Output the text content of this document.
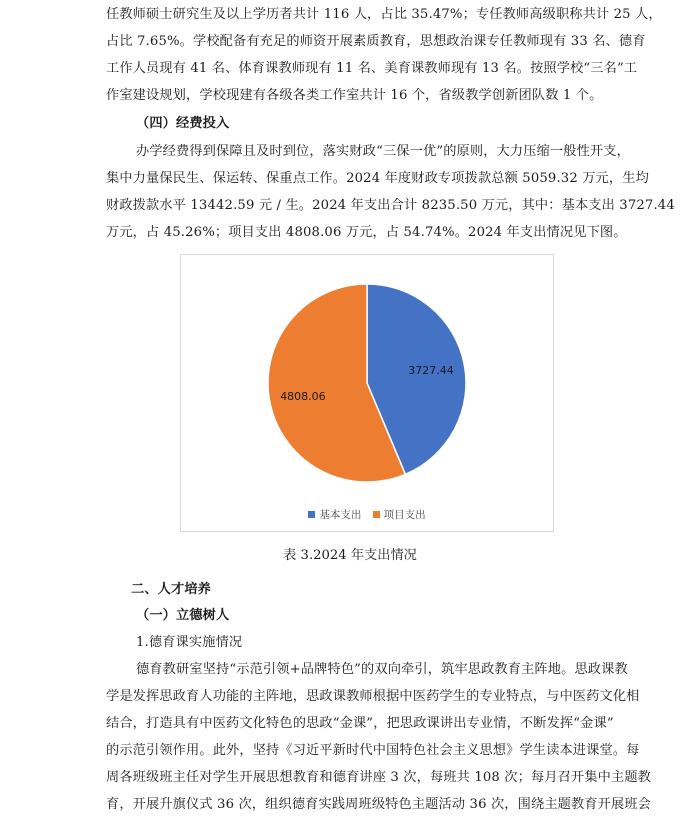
任教师硕士研究生及以上学历者共计 116 人，占比 35.47%；专任教师高级职称共计 25 人，
占比 7.65%。学校配备有充足的师资开展素质教育，思想政治课专任教师现有 33 名、德育
工作人员现有 41 名、体育课教师现有 11 名、美育课教师现有 13 名。按照学校“三名”工
作室建设规划，学校现建有各级各类工作室共计 16 个，省级教学创新团队数 1 个。
（四）经费投入
办学经费得到保障且及时到位，落实财政“三保一优”的原则，大力压缩一般性开支，
集中力量保民生、保运转、保重点工作。2024 年度财政专项拨款总额 5059.32 万元，生均
财政拨款水平 13442.59 元 / 生。2024 年支出合计 8235.50 万元，其中：基本支出 3727.44
万元，占 45.26%；项目支出 4808.06 万元，占 54.74%。2024 年支出情况见下图。
3727.44
4808.06
基本支出
项目支出
表 3.2024 年支出情况
二、人才培养
（一）立德树人
1.德育课实施情况
德育教研室坚持“示范引领+品牌特色”的双向牵引，筑牢思政教育主阵地。思政课教
学是发挥思政育人功能的主阵地，思政课教师根据中医药学生的专业特点，与中医药文化相
结合，打造具有中医药文化特色的思政“金课”，把思政课讲出专业情，不断发挥“金课”
的示范引领作用。此外，坚持《习近平新时代中国特色社会主义思想》学生读本进课堂。每
周各班级班主任对学生开展思想教育和德育讲座 3 次，每班共 108 次；每月召开集中主题教
育，开展升旗仪式 36 次，组织德育实践周班级特色主题活动 36 次，围绕主题教育开展班会
